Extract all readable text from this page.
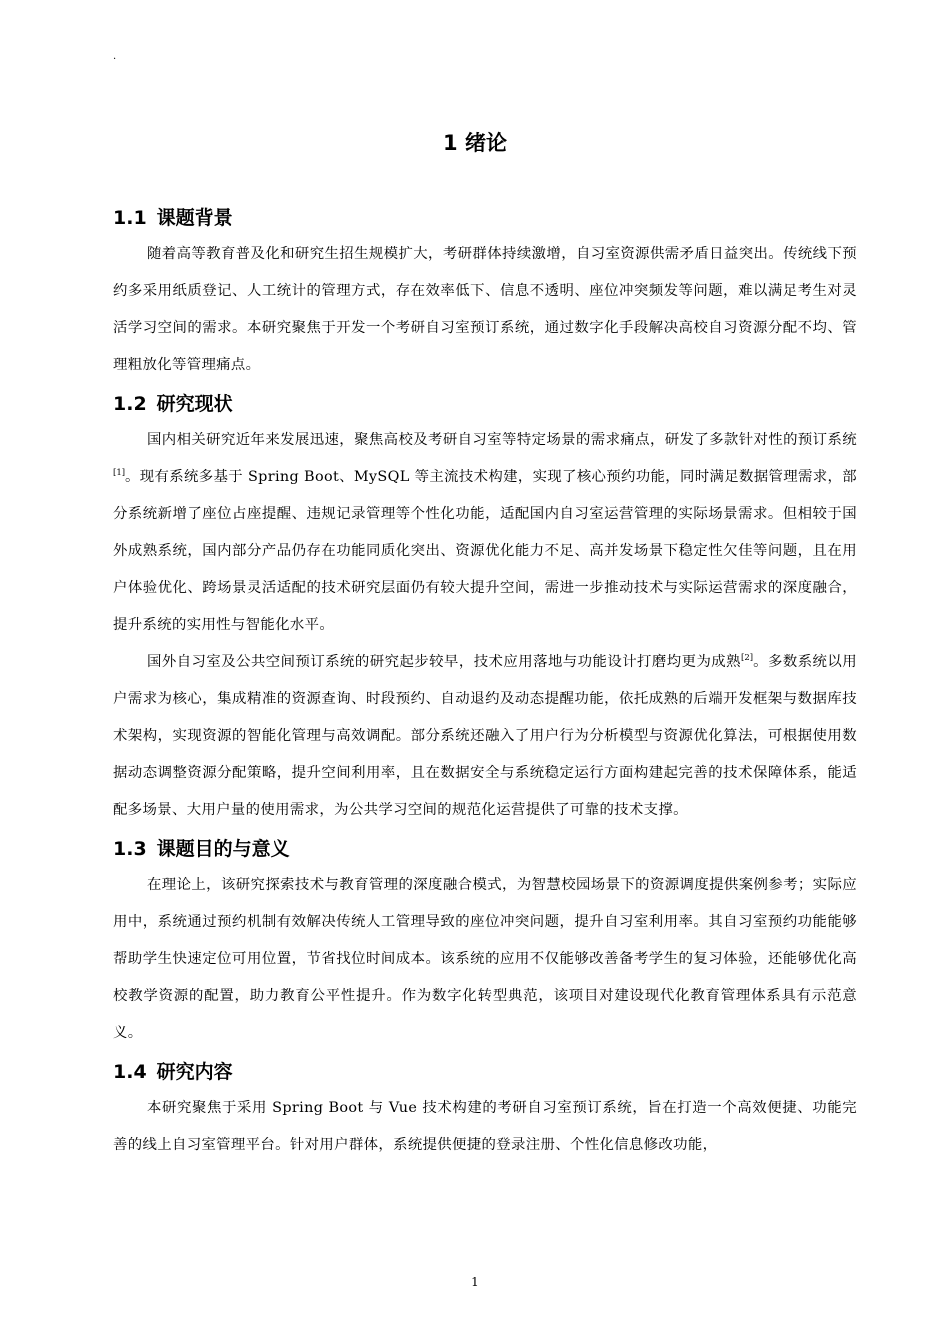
.
1 绪论
1.1 课题背景

随着高等教育普及化和研究生招生规模扩大，考研群体持续激增，自习室资源供需矛盾日益突出。传统线下预约多采用纸质登记、人工统计的管理方式，存在效率低下、信息不透明、座位冲突频发等问题，难以满足考生对灵活学习空间的需求。本研究聚焦于开发一个考研自习室预订系统，通过数字化手段解决高校自习资源分配不均、管理粗放化等管理痛点。

1.2 研究现状

国内相关研究近年来发展迅速，聚焦高校及考研自习室等特定场景的需求痛点，研发了多款针对性的预订系统[1]。现有系统多基于 Spring Boot、MySQL 等主流技术构建，实现了核心预约功能，同时满足数据管理需求，部分系统新增了座位占座提醒、违规记录管理等个性化功能，适配国内自习室运营管理的实际场景需求。但相较于国外成熟系统，国内部分产品仍存在功能同质化突出、资源优化能力不足、高并发场景下稳定性欠佳等问题，且在用户体验优化、跨场景灵活适配的技术研究层面仍有较大提升空间，需进一步推动技术与实际运营需求的深度融合，提升系统的实用性与智能化水平。

国外自习室及公共空间预订系统的研究起步较早，技术应用落地与功能设计打磨均更为成熟[2]。多数系统以用户需求为核心，集成精准的资源查询、时段预约、自动退约及动态提醒功能，依托成熟的后端开发框架与数据库技术架构，实现资源的智能化管理与高效调配。部分系统还融入了用户行为分析模型与资源优化算法，可根据使用数据动态调整资源分配策略，提升空间利用率，且在数据安全与系统稳定运行方面构建起完善的技术保障体系，能适配多场景、大用户量的使用需求，为公共学习空间的规范化运营提供了可靠的技术支撑。

1.3 课题目的与意义

在理论上，该研究探索技术与教育管理的深度融合模式，为智慧校园场景下的资源调度提供案例参考；实际应用中，系统通过预约机制有效解决传统人工管理导致的座位冲突问题，提升自习室利用率。其自习室预约功能能够帮助学生快速定位可用位置，节省找位时间成本。该系统的应用不仅能够改善备考学生的复习体验，还能够优化高校教学资源的配置，助力教育公平性提升。作为数字化转型典范，该项目对建设现代化教育管理体系具有示范意义。

1.4 研究内容

本研究聚焦于采用 Spring Boot 与 Vue 技术构建的考研自习室预订系统，旨在打造一个高效便捷、功能完善的线上自习室管理平台。针对用户群体，系统提供便捷的登录注册、个性化信息修改功能，

1
